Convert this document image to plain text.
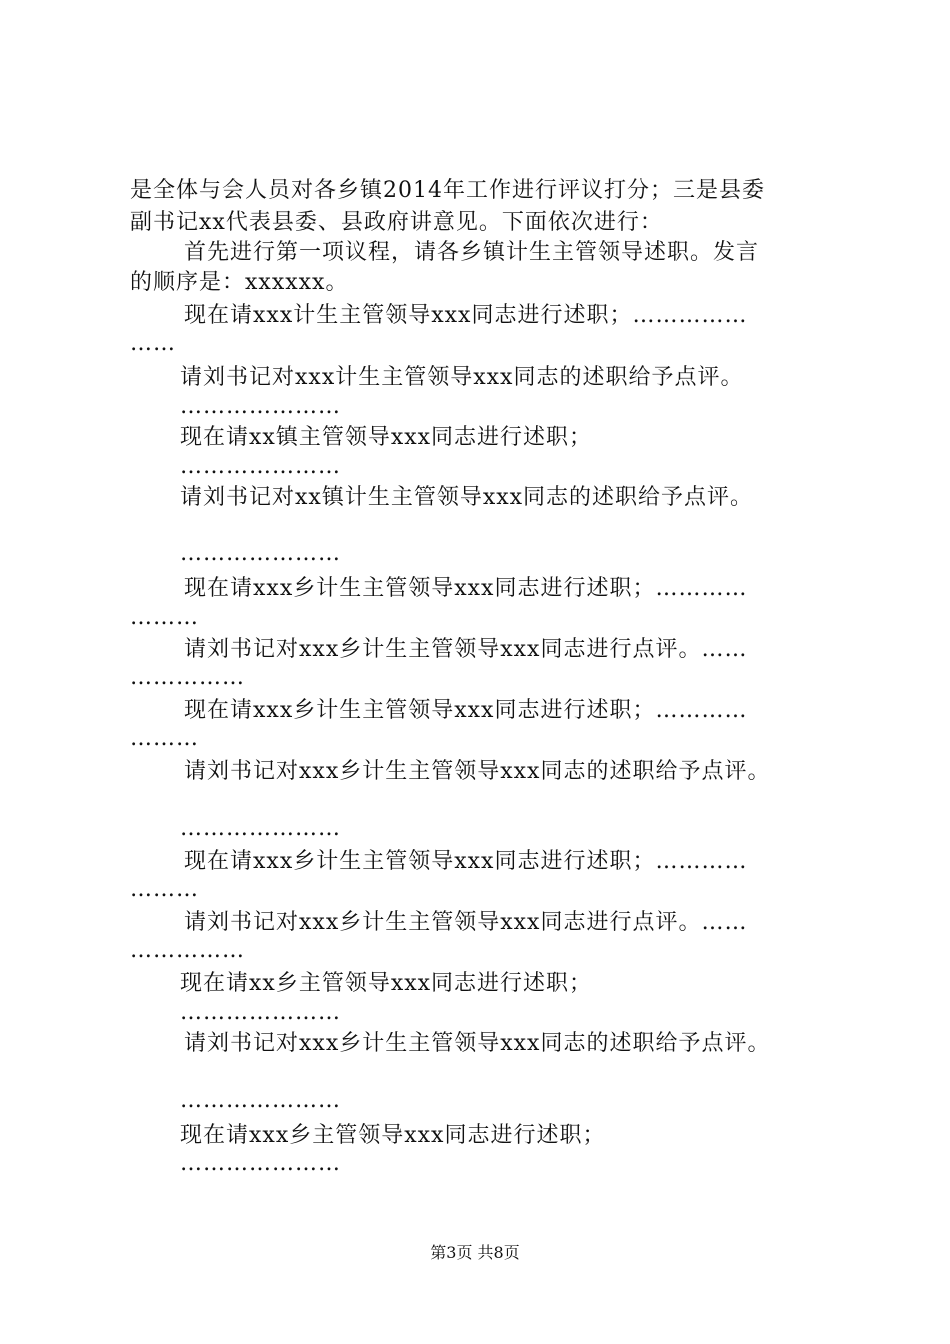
是全体与会人员对各乡镇2014年工作进行评议打分；三是县委
副书记xx代表县委、县政府讲意见。下面依次进行：
首先进行第一项议程，请各乡镇计生主管领导述职。发言
的顺序是：xxxxxx。
现在请xxx计生主管领导xxx同志进行述职；……………
……
请刘书记对xxx计生主管领导xxx同志的述职给予点评。
…………………
现在请xx镇主管领导xxx同志进行述职；
…………………
请刘书记对xx镇计生主管领导xxx同志的述职给予点评。
…………………
现在请xxx乡计生主管领导xxx同志进行述职；…………
………
请刘书记对xxx乡计生主管领导xxx同志进行点评。……
……………
现在请xxx乡计生主管领导xxx同志进行述职；…………
………
请刘书记对xxx乡计生主管领导xxx同志的述职给予点评。
…………………
现在请xxx乡计生主管领导xxx同志进行述职；…………
………
请刘书记对xxx乡计生主管领导xxx同志进行点评。……
……………
现在请xx乡主管领导xxx同志进行述职；
…………………
请刘书记对xxx乡计生主管领导xxx同志的述职给予点评。
…………………
现在请xxx乡主管领导xxx同志进行述职；
…………………
第3页 共8页
